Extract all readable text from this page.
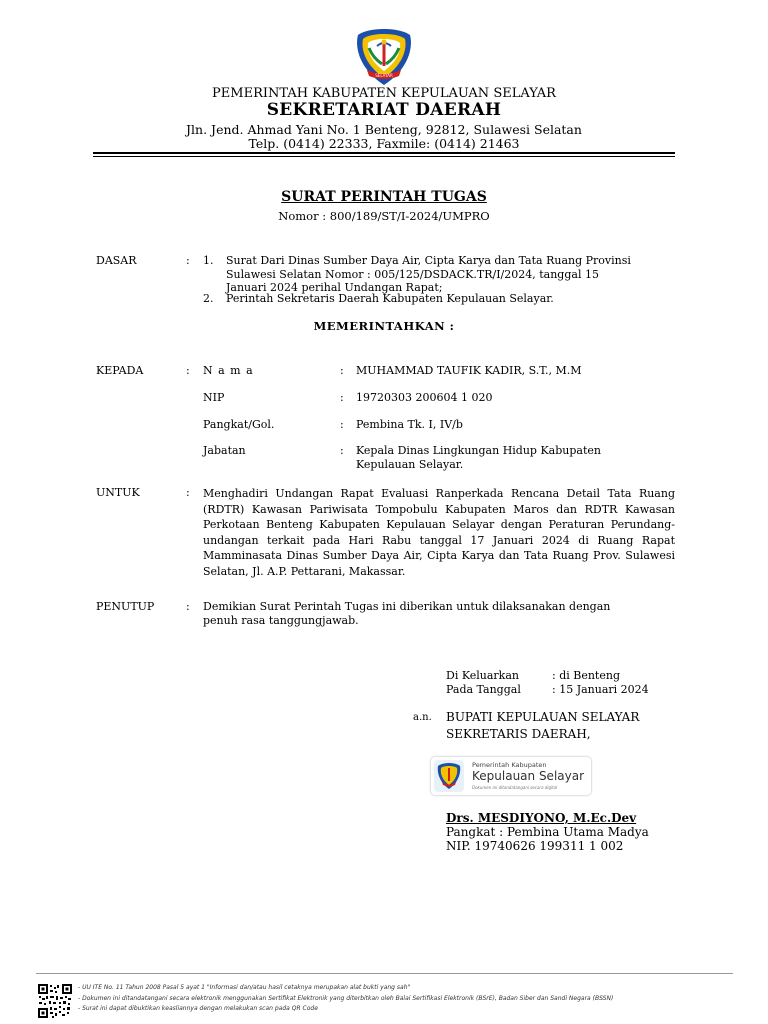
SELAYAR
PEMERINTAH KABUPATEN KEPULAUAN SELAYAR
SEKRETARIAT DAERAH
Jln. Jend. Ahmad Yani No. 1 Benteng, 92812, Sulawesi Selatan
Telp. (0414) 22333, Faxmile: (0414) 21463
SURAT PERINTAH TUGAS
Nomor : 800/189/ST/I-2024/UMPRO
DASAR	: 1. Surat Dari Dinas Sumber Daya Air, Cipta Karya dan Tata Ruang Provinsi
Sulawesi Selatan Nomor : 005/125/DSDACK.TR/I/2024, tanggal 15
Januari 2024 perihal Undangan Rapat;
2. Perintah Sekretaris Daerah Kabupaten Kepulauan Selayar.
MEMERINTAHKAN :
KEPADA	: N a m a	: MUHAMMAD TAUFIK KADIR, S.T., M.M
NIP	: 19720303 200604 1 020
Pangkat/Gol.	: Pembina Tk. I, IV/b
Jabatan	: Kepala Dinas Lingkungan Hidup Kabupaten
Kepulauan Selayar.
UNTUK	: Menghadiri Undangan Rapat Evaluasi Ranperkada Rencana Detail Tata Ruang (RDTR) Kawasan Pariwisata Tompobulu Kabupaten Maros dan RDTR Kawasan Perkotaan Benteng Kabupaten Kepulauan Selayar dengan Peraturan Perundang-undangan terkait pada Hari Rabu tanggal 17 Januari 2024 di Ruang Rapat Mamminasata Dinas Sumber Daya Air, Cipta Karya dan Tata Ruang Prov. Sulawesi Selatan, Jl. A.P. Pettarani, Makassar.
PENUTUP	: Demikian Surat Perintah Tugas ini diberikan untuk dilaksanakan dengan
penuh rasa tanggungjawab.
Di Keluarkan	: di Benteng
Pada Tanggal	: 15 Januari 2024
a.n. BUPATI KEPULAUAN SELAYAR
SEKRETARIS DAERAH,
Pemerintah Kabupaten
Kepulauan Selayar
Dokumen ini ditandatangani secara digital
Drs. MESDIYONO, M.Ec.Dev
Pangkat : Pembina Utama Madya
NIP. 19740626 199311 1 002
- UU ITE No. 11 Tahun 2008 Pasal 5 ayat 1 "Informasi dan/atau hasil cetaknya merupakan alat bukti yang sah"
- Dokumen ini ditandatangani secara elektronik menggunakan Sertifikat Elektronik yang diterbitkan oleh Balai Sertifikasi Elektronik (BSrE), Badan Siber dan Sandi Negara (BSSN)
- Surat ini dapat dibuktikan keasliannya dengan melakukan scan pada QR Code
